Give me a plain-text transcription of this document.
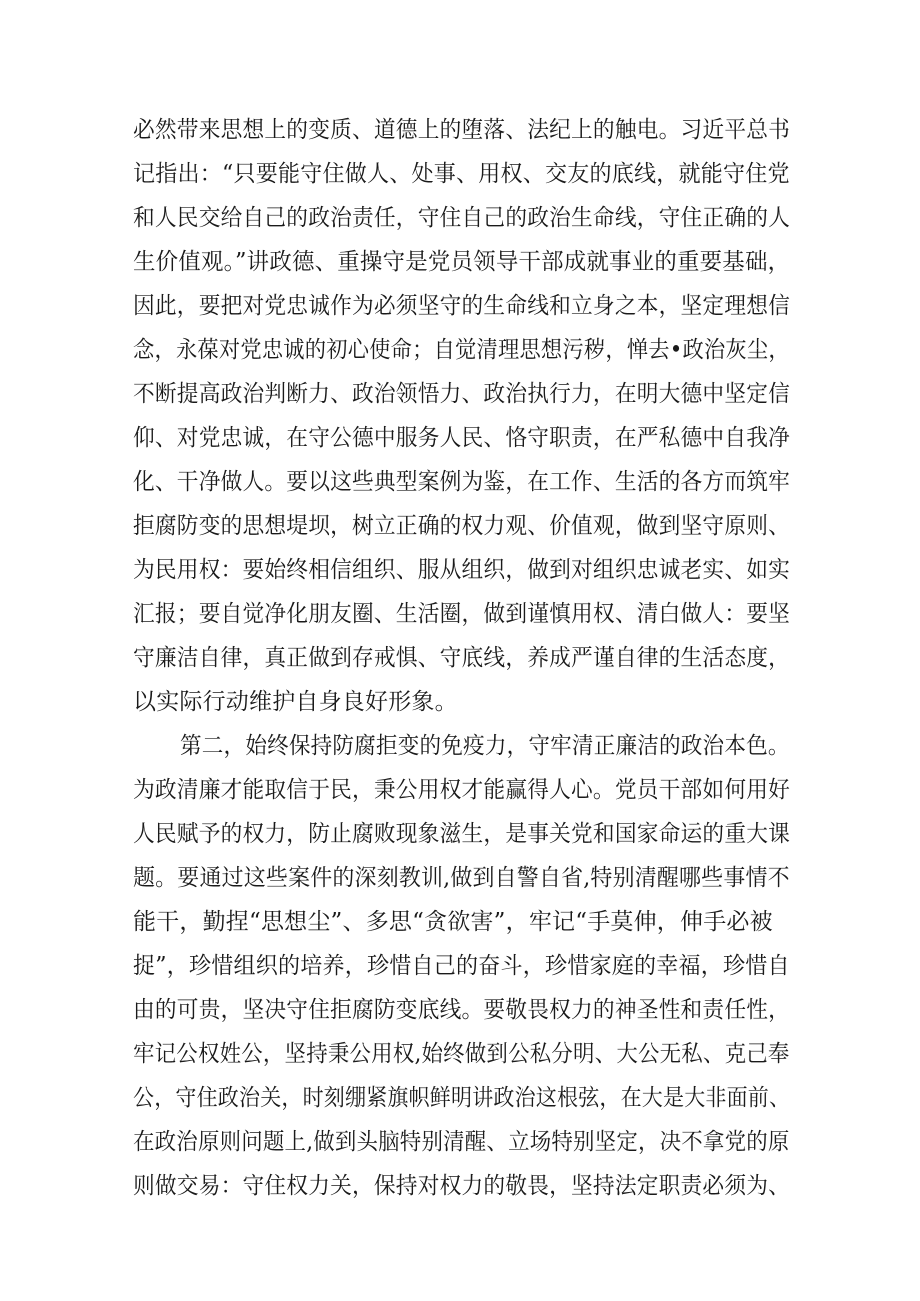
必然带来思想上的变质、道德上的堕落、法纪上的触电。习近平总书
记指出：“只要能守住做人、处事、用权、交友的底线，就能守住党
和人民交给自己的政治责任，守住自己的政治生命线，守住正确的人
生价值观。”讲政德、重操守是党员领导干部成就事业的重要基础，
因此，要把对党忠诚作为必须坚守的生命线和立身之本，坚定理想信
念，永葆对党忠诚的初心使命；自觉清理思想污秽，惮去•政治灰尘，
不断提高政治判断力、政治领悟力、政治执行力，在明大德中坚定信
仰、对党忠诚，在守公德中服务人民、恪守职责，在严私德中自我净
化、干净做人。要以这些典型案例为鉴，在工作、生活的各方而筑牢
拒腐防变的思想堤坝，树立正确的权力观、价值观，做到坚守原则、
为民用权：要始终相信组织、服从组织，做到对组织忠诚老实、如实
汇报；要自觉净化朋友圈、生活圈，做到谨慎用权、清白做人：要坚
守廉洁自律，真正做到存戒惧、守底线，养成严谨自律的生活态度，
以实际行动维护自身良好形象。
第二，始终保持防腐拒变的免疫力，守牢清正廉洁的政治本色。
为政清廉才能取信于民，秉公用权才能赢得人心。党员干部如何用好
人民赋予的权力，防止腐败现象滋生，是事关党和国家命运的重大课
题。要通过这些案件的深刻教训,做到自警自省,特别清醒哪些事情不
能干，勤捏“思想尘”、多思“贪欲害”，牢记“手莫伸，伸手必被
捉”，珍惜组织的培养，珍惜自己的奋斗，珍惜家庭的幸福，珍惜自
由的可贵，坚决守住拒腐防变底线。要敬畏权力的神圣性和责任性，
牢记公权姓公，坚持秉公用权,始终做到公私分明、大公无私、克己奉
公，守住政治关，时刻绷紧旗帜鲜明讲政治这根弦，在大是大非面前、
在政治原则问题上,做到头脑特别清醒、立场特别坚定，决不拿党的原
则做交易：守住权力关，保持对权力的敬畏，坚持法定职责必须为、
